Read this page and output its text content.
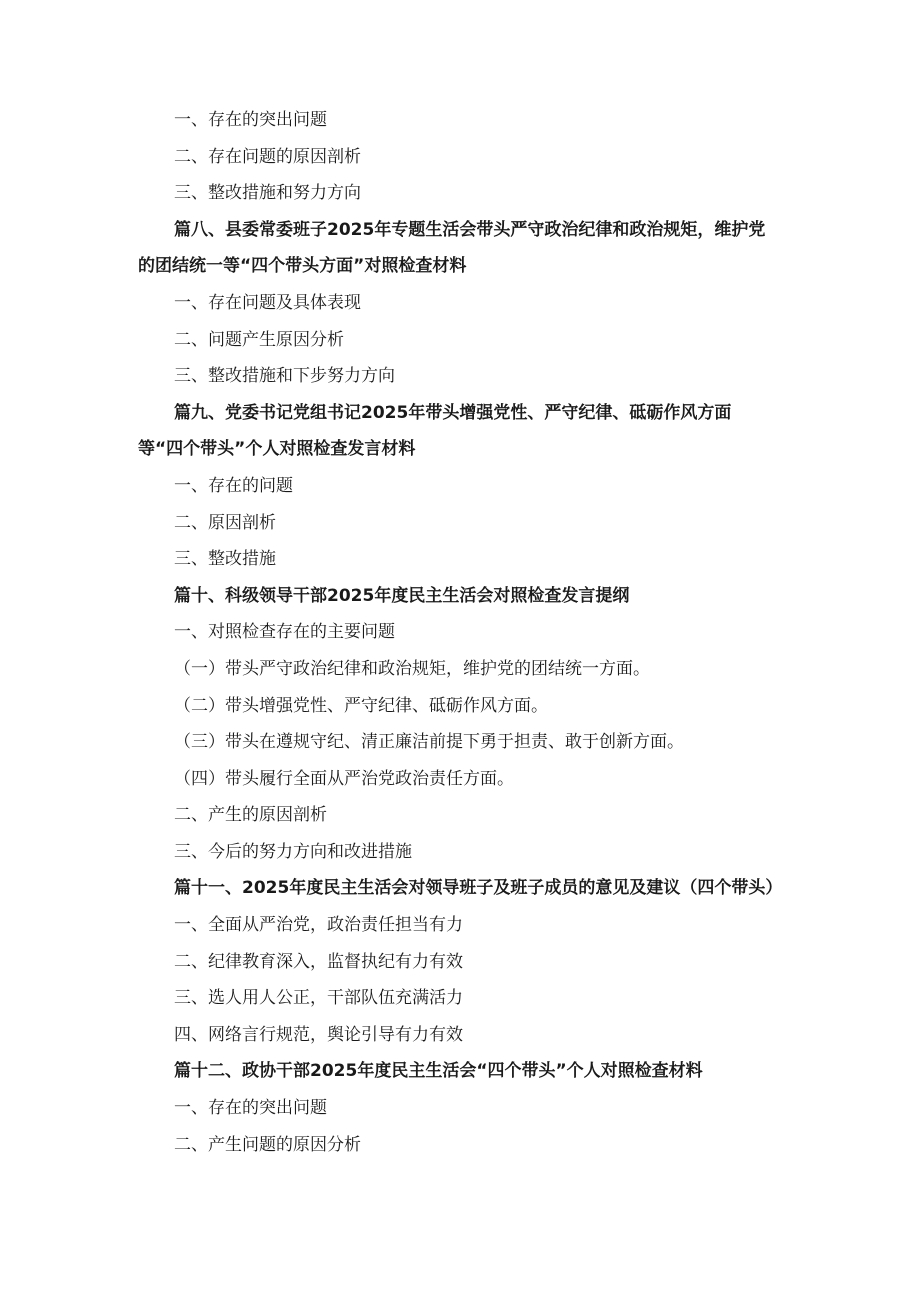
一、存在的突出问题
二、存在问题的原因剖析
三、整改措施和努力方向
篇八、县委常委班子2025年专题生活会带头严守政治纪律和政治规矩，维护党的团结统一等“四个带头方面”对照检查材料
一、存在问题及具体表现
二、问题产生原因分析
三、整改措施和下步努力方向
篇九、党委书记党组书记2025年带头增强党性、严守纪律、砥砺作风方面等“四个带头”个人对照检查发言材料
一、存在的问题
二、原因剖析
三、整改措施
篇十、科级领导干部2025年度民主生活会对照检查发言提纲
一、对照检查存在的主要问题
（一）带头严守政治纪律和政治规矩，维护党的团结统一方面。
（二）带头增强党性、严守纪律、砥砺作风方面。
（三）带头在遵规守纪、清正廉洁前提下勇于担责、敢于创新方面。
（四）带头履行全面从严治党政治责任方面。
二、产生的原因剖析
三、今后的努力方向和改进措施
篇十一、2025年度民主生活会对领导班子及班子成员的意见及建议（四个带头）
一、全面从严治党，政治责任担当有力
二、纪律教育深入，监督执纪有力有效
三、选人用人公正，干部队伍充满活力
四、网络言行规范，舆论引导有力有效
篇十二、政协干部2025年度民主生活会“四个带头”个人对照检查材料
一、存在的突出问题
二、产生问题的原因分析
